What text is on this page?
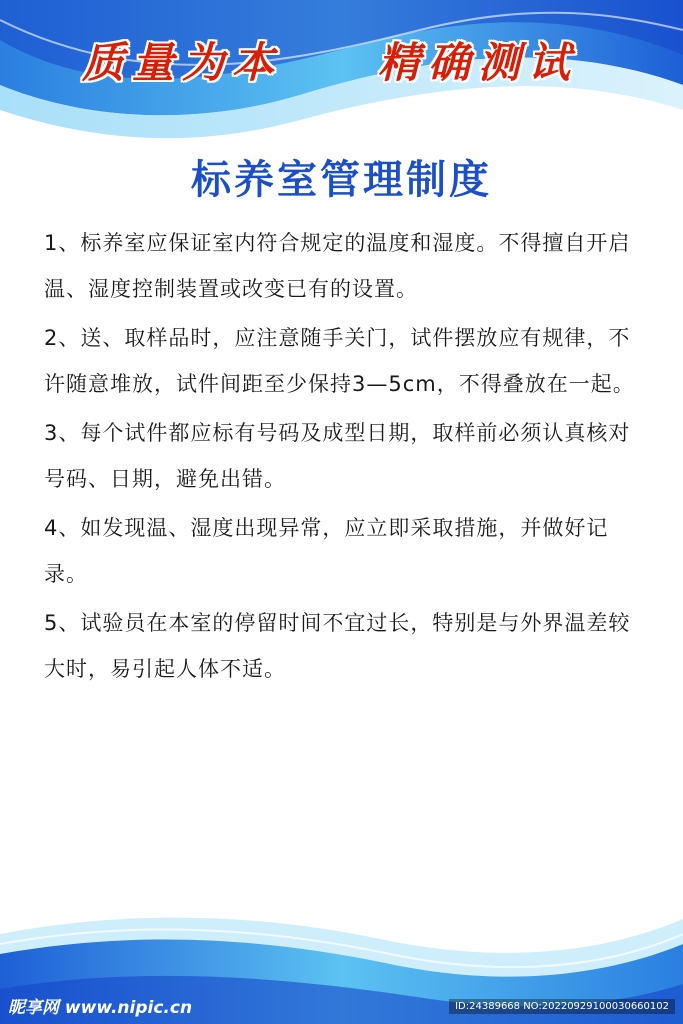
质量为本 精确测试
标养室管理制度
1、标养室应保证室内符合规定的温度和湿度。不得擅自开启温、湿度控制装置或改变已有的设置。
2、送、取样品时，应注意随手关门，试件摆放应有规律，不许随意堆放，试件间距至少保持3—5cm，不得叠放在一起。
3、每个试件都应标有号码及成型日期，取样前必须认真核对号码、日期，避免出错。
4、如发现温、湿度出现异常，应立即采取措施，并做好记录。
5、试验员在本室的停留时间不宜过长，特别是与外界温差较大时，易引起人体不适。
昵享网 www.nipic.cn	ID:24389668 NO:20220929100030660102
